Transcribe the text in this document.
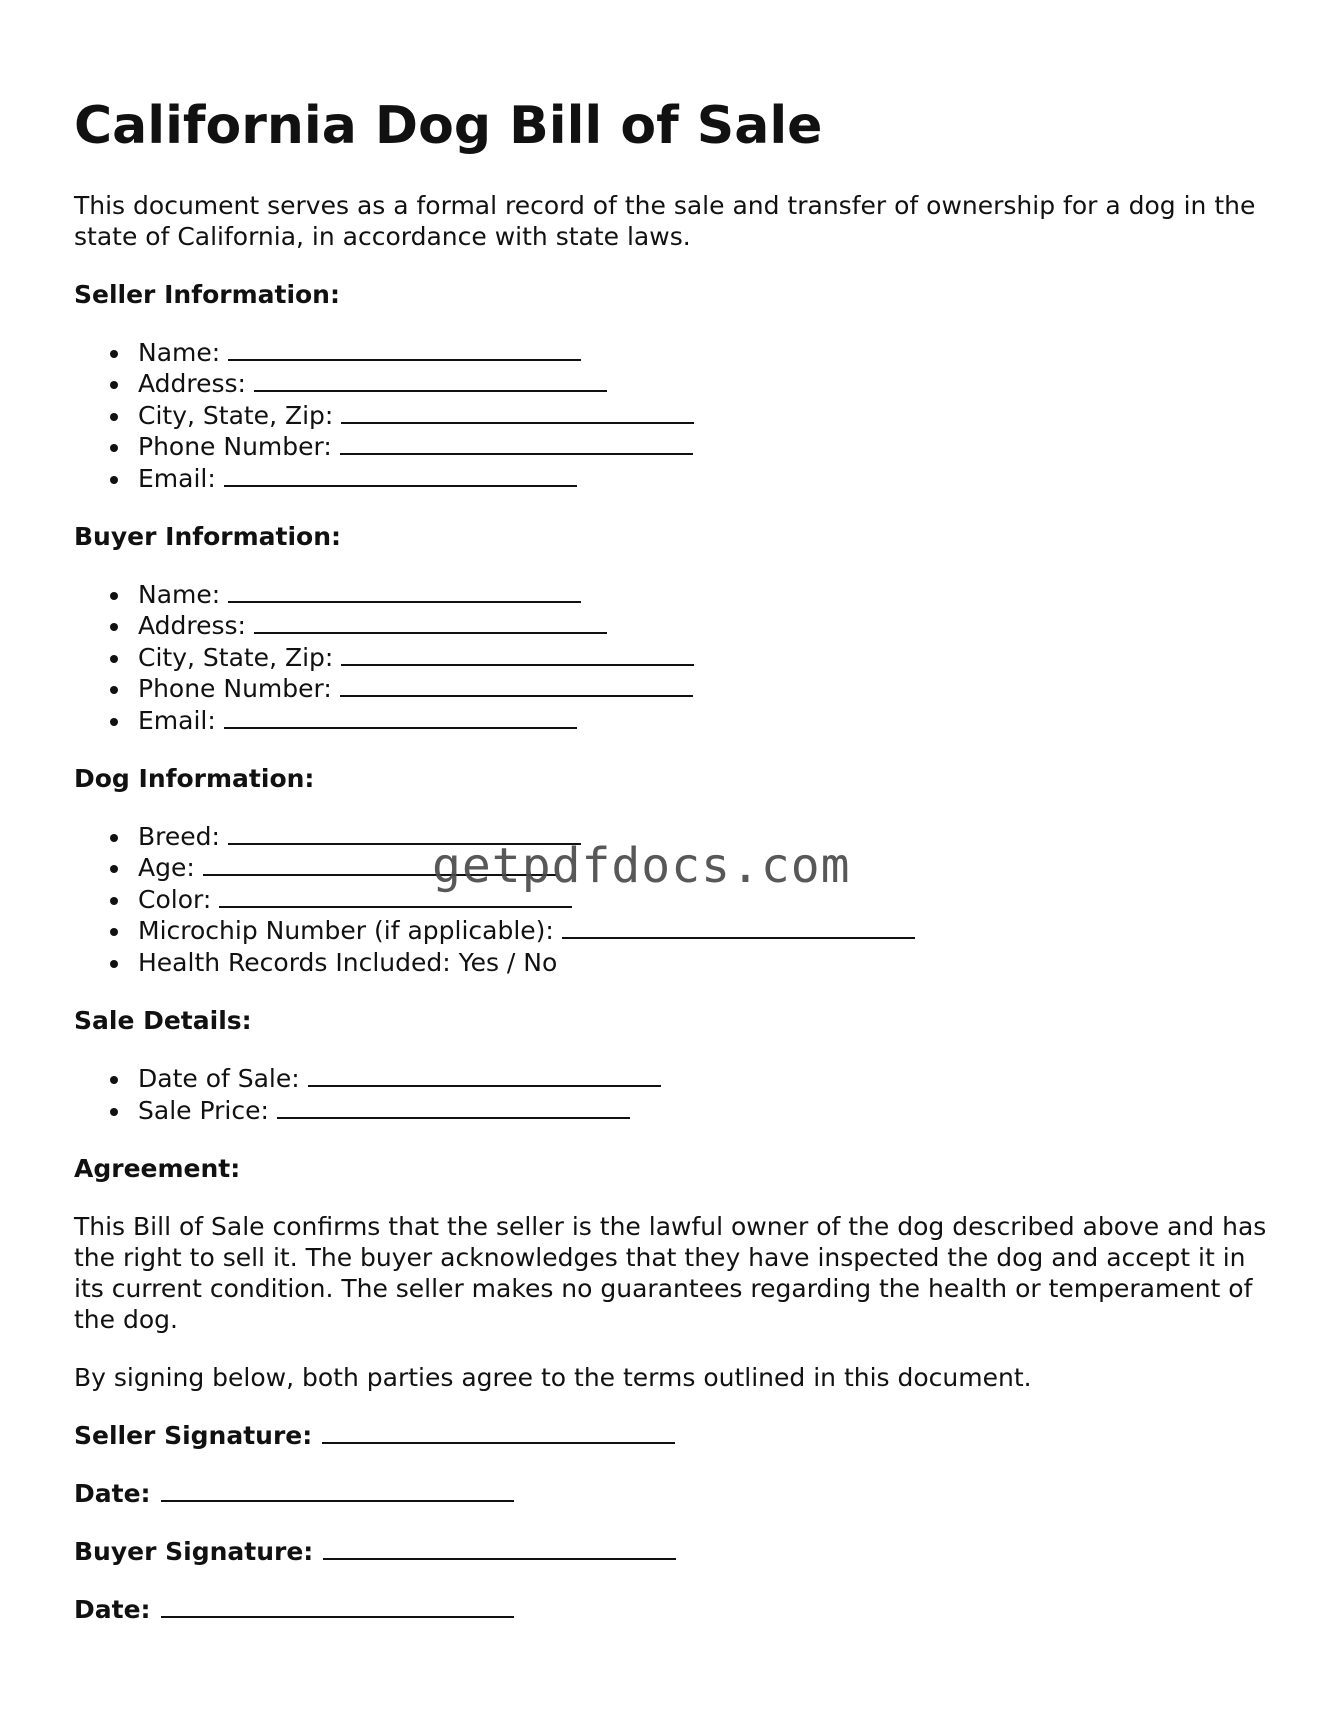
California Dog Bill of Sale

This document serves as a formal record of the sale and transfer of ownership for a dog in the state of California, in accordance with state laws.

Seller Information:
Name:
Address:
City, State, Zip:
Phone Number:
Email:
Buyer Information:
Name:
Address:
City, State, Zip:
Phone Number:
Email:
Dog Information:
Breed:
Age:
Color:
Microchip Number (if applicable):
Health Records Included: Yes / No
Sale Details:
Date of Sale:
Sale Price:
Agreement:

This Bill of Sale confirms that the seller is the lawful owner of the dog described above and has the right to sell it. The buyer acknowledges that they have inspected the dog and accept it in its current condition. The seller makes no guarantees regarding the health or temperament of the dog.

By signing below, both parties agree to the terms outlined in this document.

Seller Signature:
Date:
Buyer Signature:
Date:
getpdfdocs.com
